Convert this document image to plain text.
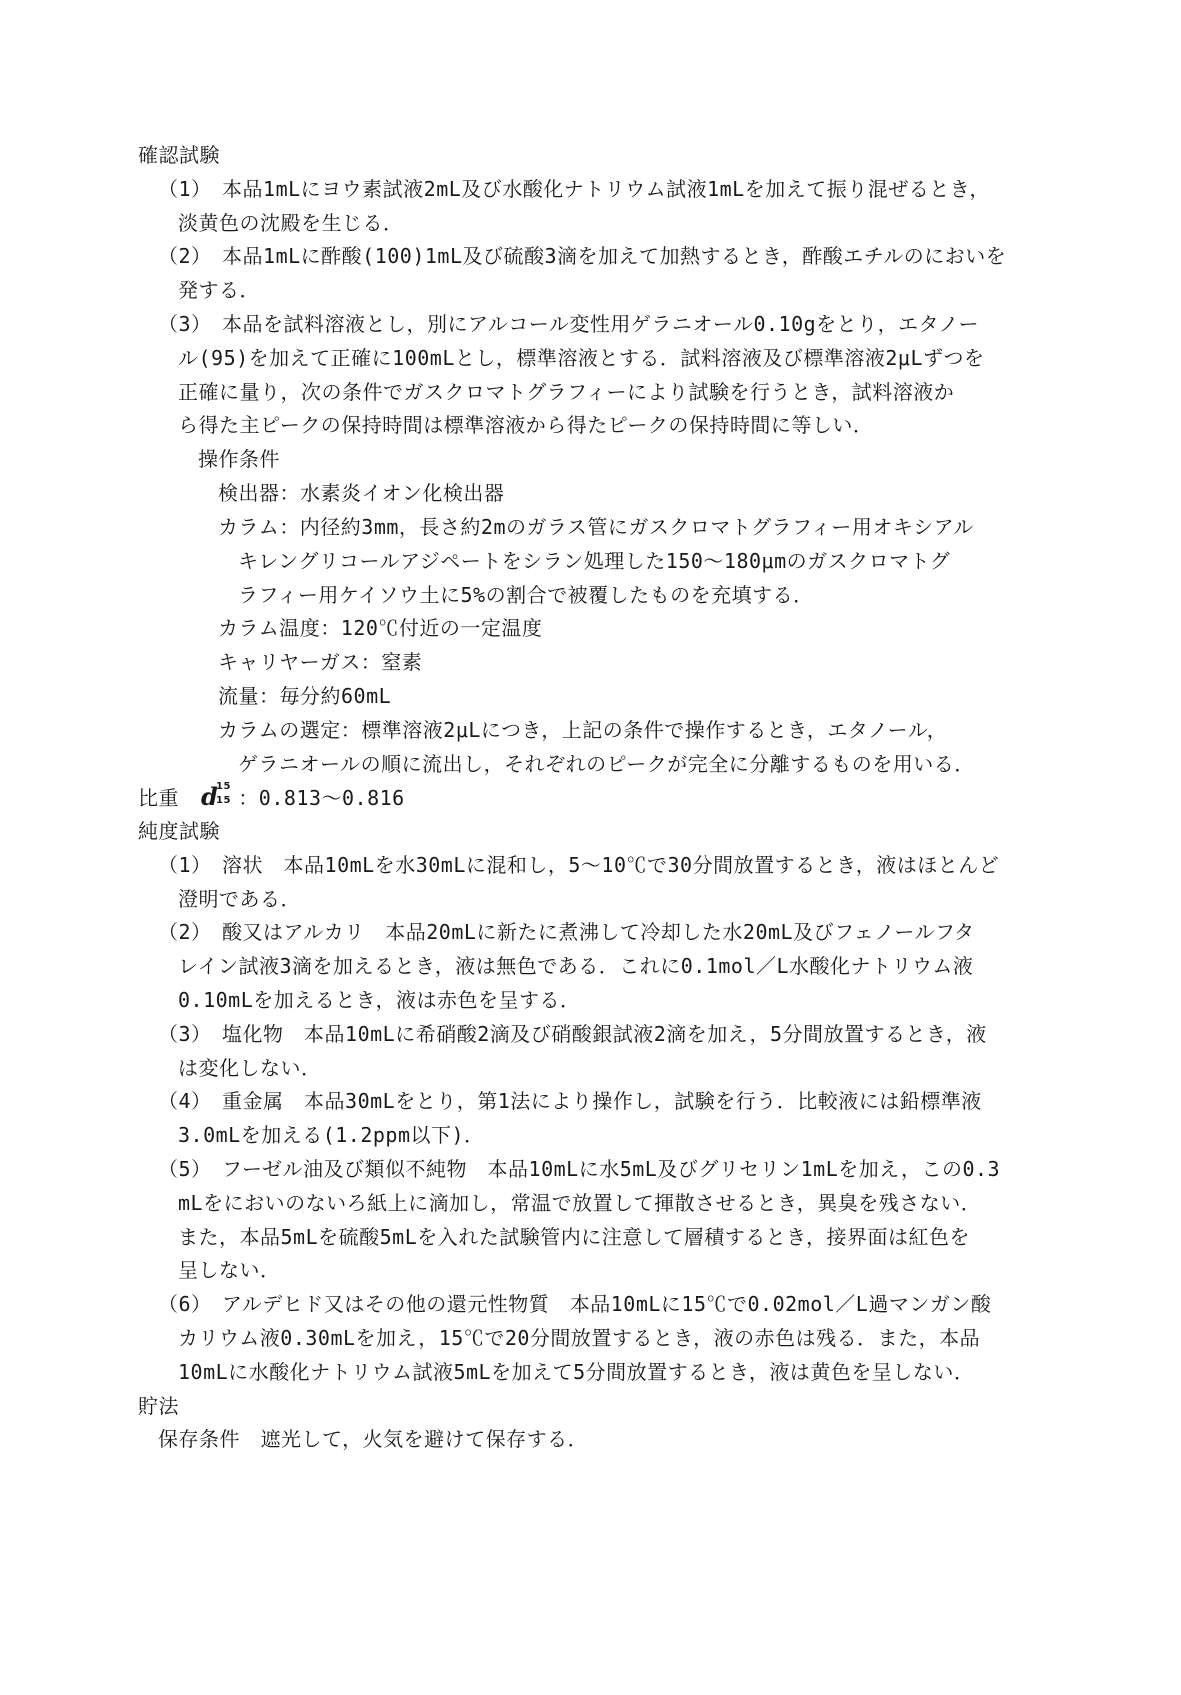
確認試験
（1）　本品1mLにヨウ素試液2mL及び水酸化ナトリウム試液1mLを加えて振り混ぜるとき，
淡黄色の沈殿を生じる．
（2）　本品1mLに酢酸(100)1mL及び硫酸3滴を加えて加熱するとき，酢酸エチルのにおいを
発する．
（3）　本品を試料溶液とし，別にアルコール変性用ゲラニオール0.10gをとり，エタノー
ル(95)を加えて正確に100mLとし，標準溶液とする．試料溶液及び標準溶液2μLずつを
正確に量り，次の条件でガスクロマトグラフィーにより試験を行うとき，試料溶液か
ら得た主ピークの保持時間は標準溶液から得たピークの保持時間に等しい．
操作条件
検出器：水素炎イオン化検出器
カラム：内径約3mm，長さ約2mのガラス管にガスクロマトグラフィー用オキシアル
キレングリコールアジペートをシラン処理した150～180μmのガスクロマトグ
ラフィー用ケイソウ土に5%の割合で被覆したものを充填する．
カラム温度：120℃付近の一定温度
キャリヤーガス：窒素
流量：毎分約60mL
カラムの選定：標準溶液2μLにつき，上記の条件で操作するとき，エタノール，
ゲラニオールの順に流出し，それぞれのピークが完全に分離するものを用いる．
比重 d
15
15 ：0.813～0.816
純度試験
（1）　溶状　本品10mLを水30mLに混和し，5～10℃で30分間放置するとき，液はほとんど
澄明である．
（2）　酸又はアルカリ　本品20mLに新たに煮沸して冷却した水20mL及びフェノールフタ
レイン試液3滴を加えるとき，液は無色である．これに0.1mol／L水酸化ナトリウム液
0.10mLを加えるとき，液は赤色を呈する．
（3）　塩化物　本品10mLに希硝酸2滴及び硝酸銀試液2滴を加え，5分間放置するとき，液
は変化しない．
（4）　重金属　本品30mLをとり，第1法により操作し，試験を行う．比較液には鉛標準液
3.0mLを加える(1.2ppm以下)．
（5）　フーゼル油及び類似不純物　本品10mLに水5mL及びグリセリン1mLを加え，この0.3
mLをにおいのないろ紙上に滴加し，常温で放置して揮散させるとき，異臭を残さない．
また，本品5mLを硫酸5mLを入れた試験管内に注意して層積するとき，接界面は紅色を
呈しない．
（6）　アルデヒド又はその他の還元性物質　本品10mLに15℃で0.02mol／L過マンガン酸
カリウム液0.30mLを加え，15℃で20分間放置するとき，液の赤色は残る．また，本品
10mLに水酸化ナトリウム試液5mLを加えて5分間放置するとき，液は黄色を呈しない．
貯法
保存条件　遮光して，火気を避けて保存する．
